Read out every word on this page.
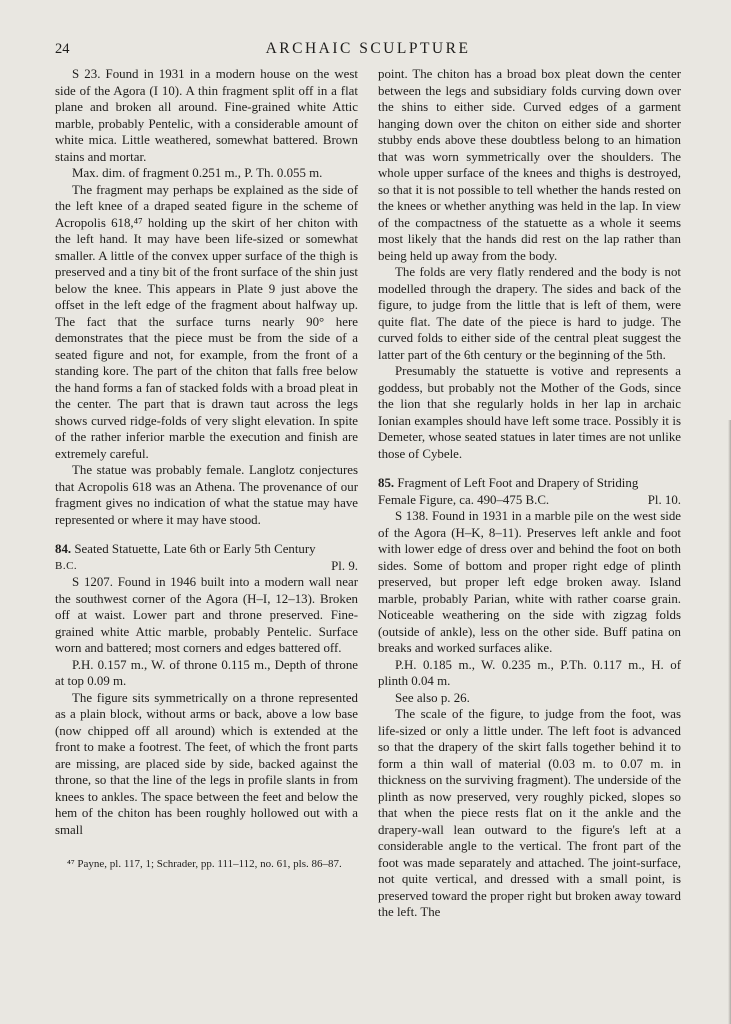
24	ARCHAIC SCULPTURE

S 23. Found in 1931 in a modern house on the west side of the Agora (I 10). A thin fragment split off in a flat plane and broken all around. Fine-grained white Attic marble, probably Pentelic, with a considerable amount of white mica. Little weathered, somewhat battered. Brown stains and mortar.

Max. dim. of fragment 0.251 m., P. Th. 0.055 m.

The fragment may perhaps be explained as the side of the left knee of a draped seated figure in the scheme of Acropolis 618,⁴⁷ holding up the skirt of her chiton with the left hand. It may have been life-sized or somewhat smaller. A little of the convex upper surface of the thigh is preserved and a tiny bit of the front surface of the shin just below the knee. This appears in Plate 9 just above the offset in the left edge of the fragment about halfway up. The fact that the surface turns nearly 90° here demonstrates that the piece must be from the side of a seated figure and not, for example, from the front of a standing kore. The part of the chiton that falls free below the hand forms a fan of stacked folds with a broad pleat in the center. The part that is drawn taut across the legs shows curved ridge-folds of very slight elevation. In spite of the rather inferior marble the execution and finish are extremely careful.

The statue was probably female. Langlotz conjectures that Acropolis 618 was an Athena. The provenance of our fragment gives no indication of what the statue may have represented or where it may have stood.

84. Seated Statuette, Late 6th or Early 5th Century
B.C.	Pl. 9.

S 1207. Found in 1946 built into a modern wall near the southwest corner of the Agora (H–I, 12–13). Broken off at waist. Lower part and throne preserved. Fine-grained white Attic marble, probably Pentelic. Surface worn and battered; most corners and edges battered off.

P.H. 0.157 m., W. of throne 0.115 m., Depth of throne at top 0.09 m.

The figure sits symmetrically on a throne represented as a plain block, without arms or back, above a low base (now chipped off all around) which is extended at the front to make a footrest. The feet, of which the front parts are missing, are placed side by side, backed against the throne, so that the line of the legs in profile slants in from knees to ankles. The space between the feet and below the hem of the chiton has been roughly hollowed out with a small

⁴⁷ Payne, pl. 117, 1; Schrader, pp. 111–112, no. 61, pls. 86–87.

point. The chiton has a broad box pleat down the center between the legs and subsidiary folds curving down over the shins to either side. Curved edges of a garment hanging down over the chiton on either side and shorter stubby ends above these doubtless belong to an himation that was worn symmetrically over the shoulders. The whole upper surface of the knees and thighs is destroyed, so that it is not possible to tell whether the hands rested on the knees or whether anything was held in the lap. In view of the compactness of the statuette as a whole it seems most likely that the hands did rest on the lap rather than being held up away from the body.

The folds are very flatly rendered and the body is not modelled through the drapery. The sides and back of the figure, to judge from the little that is left of them, were quite flat. The date of the piece is hard to judge. The curved folds to either side of the central pleat suggest the latter part of the 6th century or the beginning of the 5th.

Presumably the statuette is votive and represents a goddess, but probably not the Mother of the Gods, since the lion that she regularly holds in her lap in archaic Ionian examples should have left some trace. Possibly it is Demeter, whose seated statues in later times are not unlike those of Cybele.

85. Fragment of Left Foot and Drapery of Striding
Female Figure, ca. 490–475 B.C.	Pl. 10.

S 138. Found in 1931 in a marble pile on the west side of the Agora (H–K, 8–11). Preserves left ankle and foot with lower edge of dress over and behind the foot on both sides. Some of bottom and proper right edge of plinth preserved, but proper left edge broken away. Island marble, probably Parian, white with rather coarse grain. Noticeable weathering on the side with zigzag folds (outside of ankle), less on the other side. Buff patina on breaks and worked surfaces alike.

P.H. 0.185 m., W. 0.235 m., P.Th. 0.117 m., H. of plinth 0.04 m.

See also p. 26.

The scale of the figure, to judge from the foot, was life-sized or only a little under. The left foot is advanced so that the drapery of the skirt falls together behind it to form a thin wall of material (0.03 m. to 0.07 m. in thickness on the surviving fragment). The underside of the plinth as now preserved, very roughly picked, slopes so that when the piece rests flat on it the ankle and the drapery-wall lean outward to the figure's left at a considerable angle to the vertical. The front part of the foot was made separately and attached. The joint-surface, not quite vertical, and dressed with a small point, is preserved toward the proper right but broken away toward the left. The
